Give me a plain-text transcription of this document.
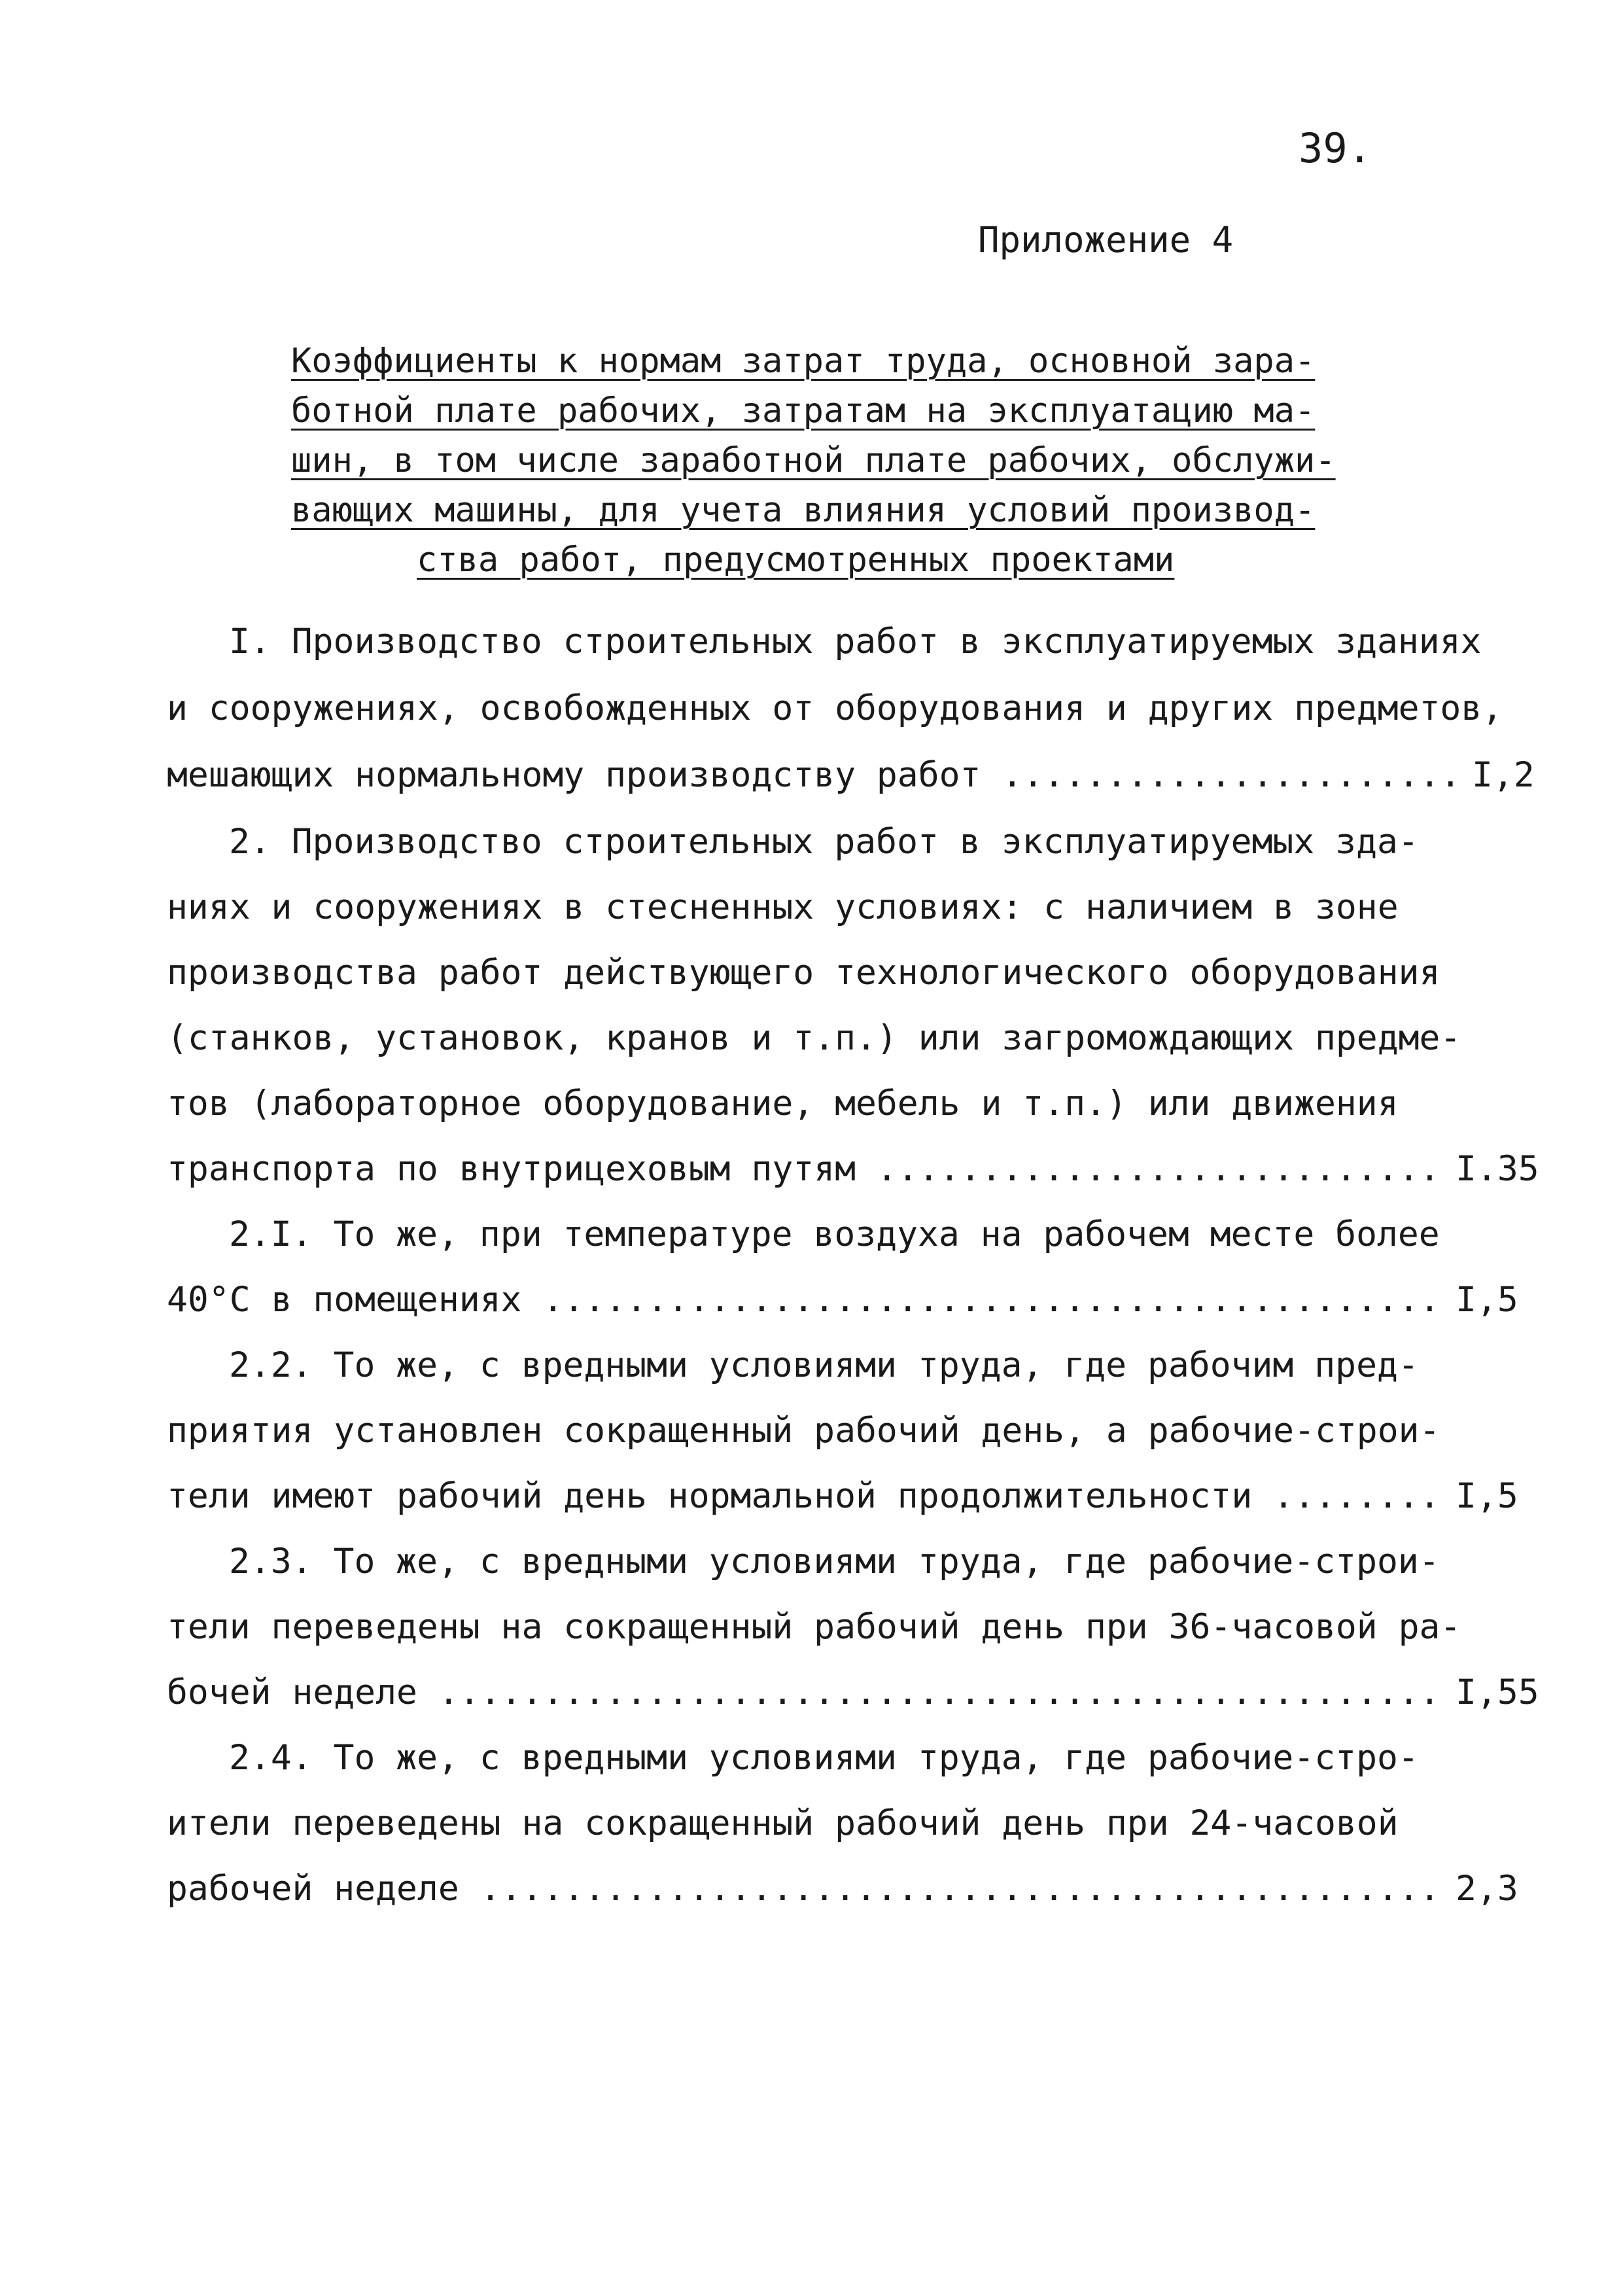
39.
Приложение 4
Коэффициенты к нормам затрат труда, основной зара-
ботной плате рабочих, затратам на эксплуатацию ма-
шин, в том числе заработной плате рабочих, обслужи-
вающих машины, для учета влияния условий производ-
ства работ, предусмотренных проектами
I. Производство строительных работ в эксплуатируемых зданиях
и сооружениях, освобожденных от оборудования и других предметов,
мешающих нормальному производству работ ...................... I,2
2. Производство строительных работ в эксплуатируемых зда-
ниях и сооружениях в стесненных условиях: с наличием в зоне
производства работ действующего технологического оборудования
(станков, установок, кранов и т.п.) или загромождающих предме-
тов (лабораторное оборудование, мебель и т.п.) или движения
транспорта по внутрицеховым путям ........................... I.35
2.I. То же, при температуре воздуха на рабочем месте более
40°С в помещениях ........................................... I,5
2.2. То же, с вредными условиями труда, где рабочим пред-
приятия установлен сокращенный рабочий день, а рабочие-строи-
тели имеют рабочий день нормальной продолжительности ........ I,5
2.3. То же, с вредными условиями труда, где рабочие-строи-
тели переведены на сокращенный рабочий день при 36-часовой ра-
бочей неделе ................................................ I,55
2.4. То же, с вредными условиями труда, где рабочие-стро-
ители переведены на сокращенный рабочий день при 24-часовой
рабочей неделе .............................................. 2,3
